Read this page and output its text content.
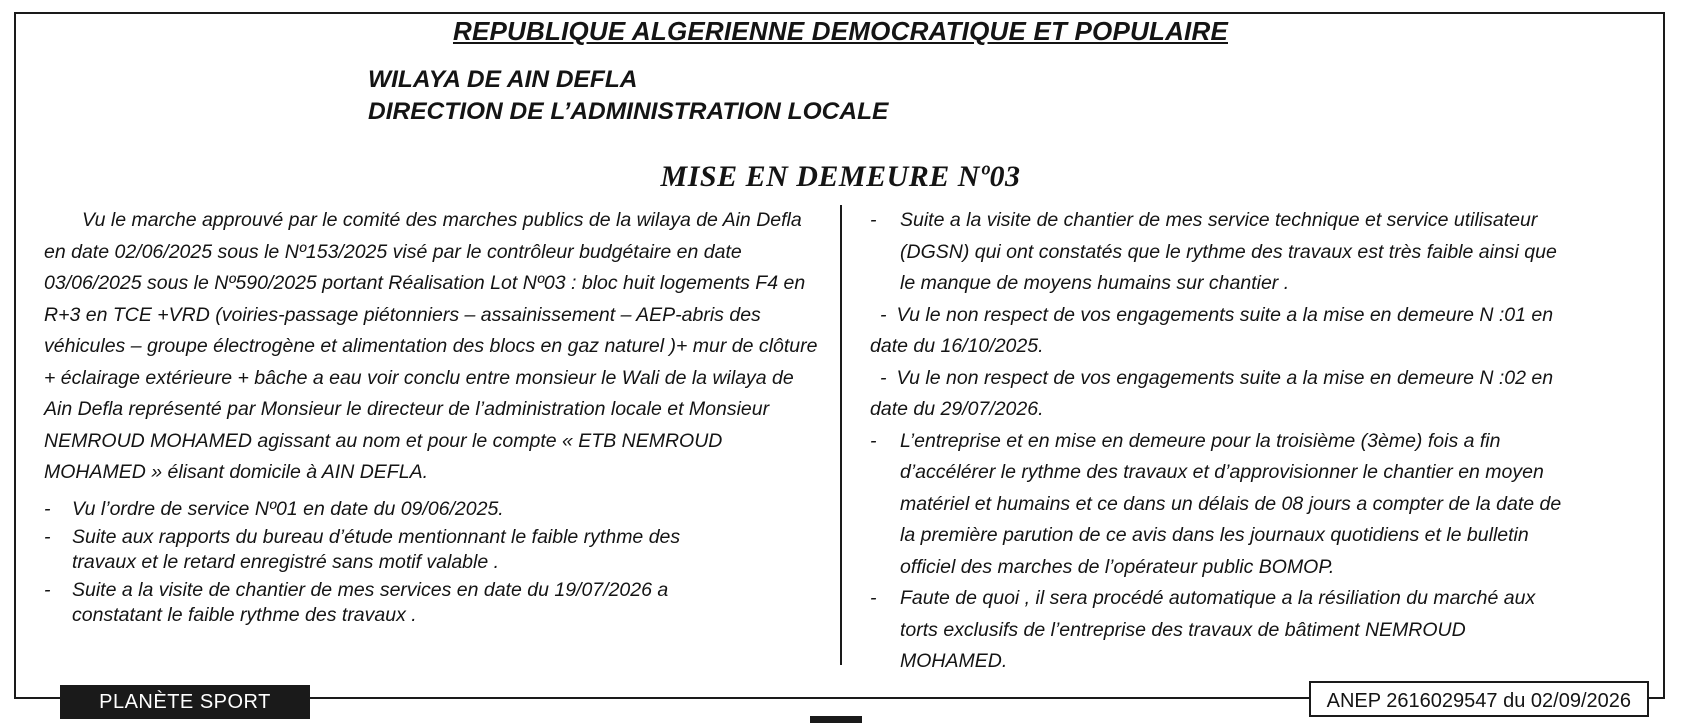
REPUBLIQUE ALGERIENNE DEMOCRATIQUE ET POPULAIRE
WILAYA DE AIN DEFLA
DIRECTION DE L’ADMINISTRATION LOCALE
MISE EN DEMEURE Nº03

Vu le marche approuvé par le comité des marches publics de la wilaya de Ain Defla en date 02/06/2025 sous le Nº153/2025 visé par le contrôleur budgétaire en date 03/06/2025 sous le Nº590/2025 portant Réalisation Lot Nº03 : bloc huit logements F4 en R+3 en TCE +VRD (voiries-passage piétonniers – assainissement – AEP-abris des véhicules – groupe électrogène et alimentation des blocs en gaz naturel )+ mur de clôture + éclairage extérieure + bâche a eau voir conclu entre monsieur le Wali de la wilaya de Ain Defla représenté par Monsieur le directeur de l’administration locale et Monsieur NEMROUD MOHAMED agissant au nom et pour le compte « ETB NEMROUD MOHAMED » élisant domicile à AIN DEFLA.

- Vu l’ordre de service Nº01 en date du 09/06/2025.
- Suite aux rapports du bureau d’étude mentionnant le faible rythme des
travaux et le retard enregistré sans motif valable .
- Suite a la visite de chantier de mes services en date du 19/07/2026 a
constatant le faible rythme des travaux .
- Suite a la visite de chantier de mes service technique et service utilisateur
(DGSN) qui ont constatés que le rythme des travaux est très faible ainsi que
le manque de moyens humains sur chantier .
- Vu le non respect de vos engagements suite a la mise en demeure N :01 en
date du 16/10/2025.
- Vu le non respect de vos engagements suite a la mise en demeure N :02 en
date du 29/07/2026.
- L’entreprise et en mise en demeure pour la troisième (3ème) fois a fin
d’accélérer le rythme des travaux et d’approvisionner le chantier en moyen
matériel et humains et ce dans un délais de 08 jours a compter de la date de
la première parution de ce avis dans les journaux quotidiens et le bulletin
officiel des marches de l’opérateur public BOMOP.
- Faute de quoi , il sera procédé automatique a la résiliation du marché aux
torts exclusifs de l’entreprise des travaux de bâtiment NEMROUD
MOHAMED.
PLANÈTE SPORT	ANEP 2616029547 du 02/09/2026
